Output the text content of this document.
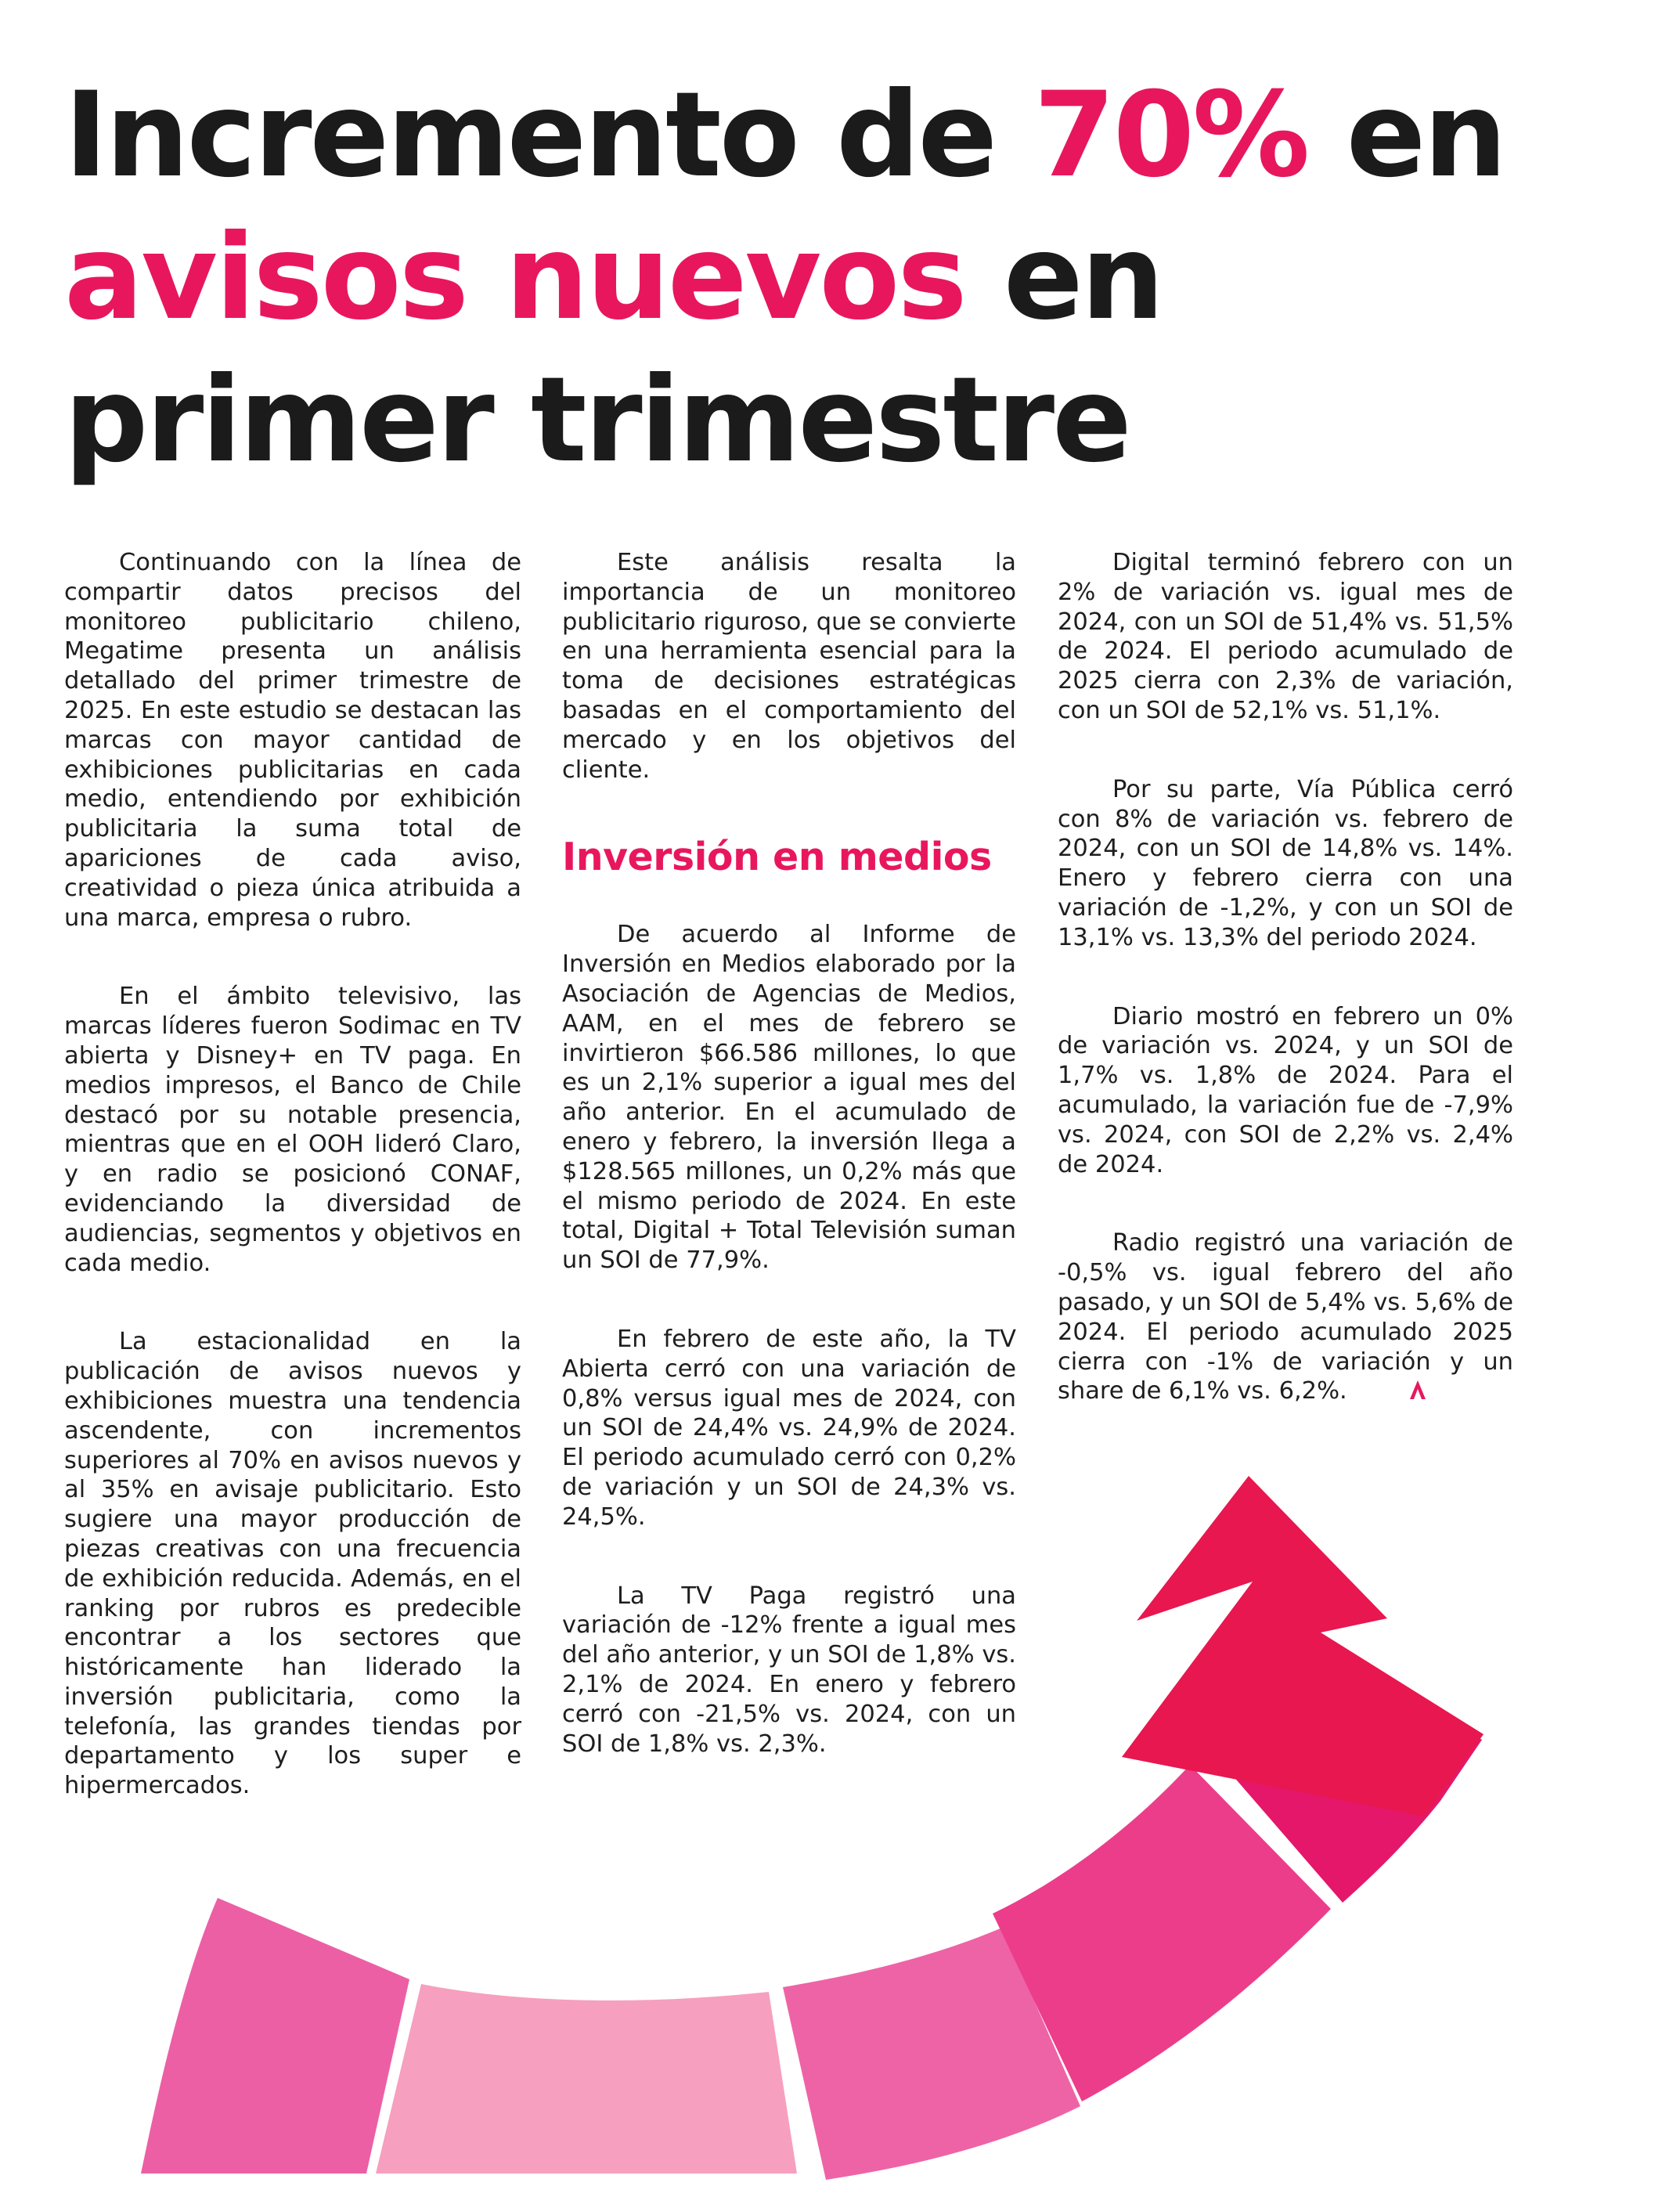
Incremento de 70% en
avisos nuevos en primer trimestre

Continuando con la línea de compartir datos precisos del monitoreo publicitario chileno, Megatime presenta un análisis detallado del primer trimestre de 2025. En este estudio se destacan las marcas con mayor cantidad de exhibiciones publicitarias en cada medio, entendiendo por exhibición publicitaria la suma total de apariciones de cada aviso, creatividad o pieza única atribuida a una marca, empresa o rubro.

En el ámbito televisivo, las marcas líderes fueron Sodimac en TV abierta y Disney+ en TV paga. En medios impresos, el Banco de Chile destacó por su notable presencia, mientras que en el OOH lideró Claro, y en radio se posicionó CONAF, evidenciando la diversidad de audiencias, segmentos y objetivos en cada medio.

La estacionalidad en la publicación de avisos nuevos y exhibiciones muestra una tendencia ascendente, con incrementos superiores al 70% en avisos nuevos y al 35% en avisaje publicitario. Esto sugiere una mayor producción de piezas creativas con una frecuencia de exhibición reducida. Además, en el ranking por rubros es predecible encontrar a los sectores que históricamente han liderado la inversión publicitaria, como la telefonía, las grandes tiendas por departamento y los super e hipermercados.

Este análisis resalta la importancia de un monitoreo publicitario riguroso, que se convierte en una herramienta esencial para la toma de decisiones estratégicas basadas en el comportamiento del mercado y en los objetivos del cliente.

Inversión en medios

De acuerdo al Informe de Inversión en Medios elaborado por la Asociación de Agencias de Medios, AAM, en el mes de febrero se invirtieron $66.586 millones, lo que es un 2,1% superior a igual mes del año anterior. En el acumulado de enero y febrero, la inversión llega a $128.565 millones, un 0,2% más que el mismo periodo de 2024. En este total, Digital + Total Televisión suman un SOI de 77,9%.

En febrero de este año, la TV Abierta cerró con una variación de 0,8% versus igual mes de 2024, con un SOI de 24,4% vs. 24,9% de 2024. El periodo acumulado cerró con 0,2% de variación y un SOI de 24,3% vs. 24,5%.

La TV Paga registró una variación de -12% frente a igual mes del año anterior, y un SOI de 1,8% vs. 2,1% de 2024. En enero y febrero cerró con -21,5% vs. 2024, con un SOI de 1,8% vs. 2,3%.

Digital terminó febrero con un 2% de variación vs. igual mes de 2024, con un SOI de 51,4% vs. 51,5% de 2024. El periodo acumulado de 2025 cierra con 2,3% de variación, con un SOI de 52,1% vs. 51,1%.

Por su parte, Vía Pública cerró con 8% de variación vs. febrero de 2024, con un SOI de 14,8% vs. 14%. Enero y febrero cierra con una variación de -1,2%, y con un SOI de 13,1% vs. 13,3% del periodo 2024.

Diario mostró en febrero un 0% de variación vs. 2024, y un SOI de 1,7% vs. 1,8% de 2024. Para el acumulado, la variación fue de -7,9% vs. 2024, con SOI de 2,2% vs. 2,4% de 2024.

Radio registró una variación de -0,5% vs. igual febrero del año pasado, y un SOI de 5,4% vs. 5,6% de 2024. El periodo acumulado 2025 cierra con -1% de variación y un share de 6,1% vs. 6,2%.
